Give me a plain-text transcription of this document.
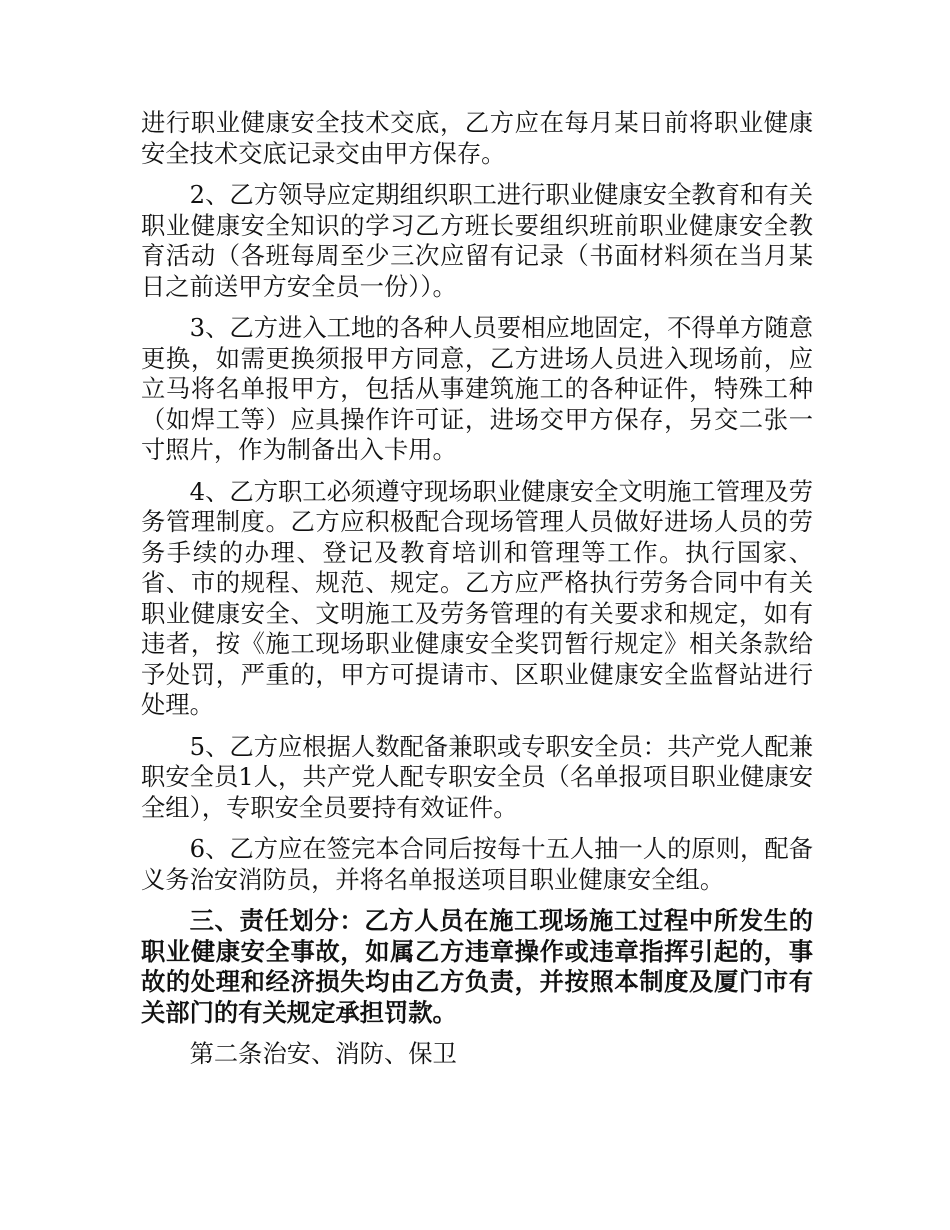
进行职业健康安全技术交底，乙方应在每月某日前将职业健康安全技术交底记录交由甲方保存。

2、乙方领导应定期组织职工进行职业健康安全教育和有关职业健康安全知识的学习乙方班长要组织班前职业健康安全教育活动（各班每周至少三次应留有记录（书面材料须在当月某日之前送甲方安全员一份））。

3、乙方进入工地的各种人员要相应地固定，不得单方随意更换，如需更换须报甲方同意，乙方进场人员进入现场前，应立马将名单报甲方，包括从事建筑施工的各种证件，特殊工种（如焊工等）应具操作许可证，进场交甲方保存，另交二张一寸照片，作为制备出入卡用。

4、乙方职工必须遵守现场职业健康安全文明施工管理及劳务管理制度。乙方应积极配合现场管理人员做好进场人员的劳务手续的办理、登记及教育培训和管理等工作。执行国家、省、市的规程、规范、规定。乙方应严格执行劳务合同中有关职业健康安全、文明施工及劳务管理的有关要求和规定，如有违者，按《施工现场职业健康安全奖罚暂行规定》相关条款给予处罚，严重的，甲方可提请市、区职业健康安全监督站进行处理。

5、乙方应根据人数配备兼职或专职安全员：共产党人配兼职安全员1人，共产党人配专职安全员（名单报项目职业健康安全组），专职安全员要持有效证件。

6、乙方应在签完本合同后按每十五人抽一人的原则，配备义务治安消防员，并将名单报送项目职业健康安全组。

三、责任划分：乙方人员在施工现场施工过程中所发生的职业健康安全事故，如属乙方违章操作或违章指挥引起的，事故的处理和经济损失均由乙方负责，并按照本制度及厦门市有关部门的有关规定承担罚款。

第二条治安、消防、保卫
